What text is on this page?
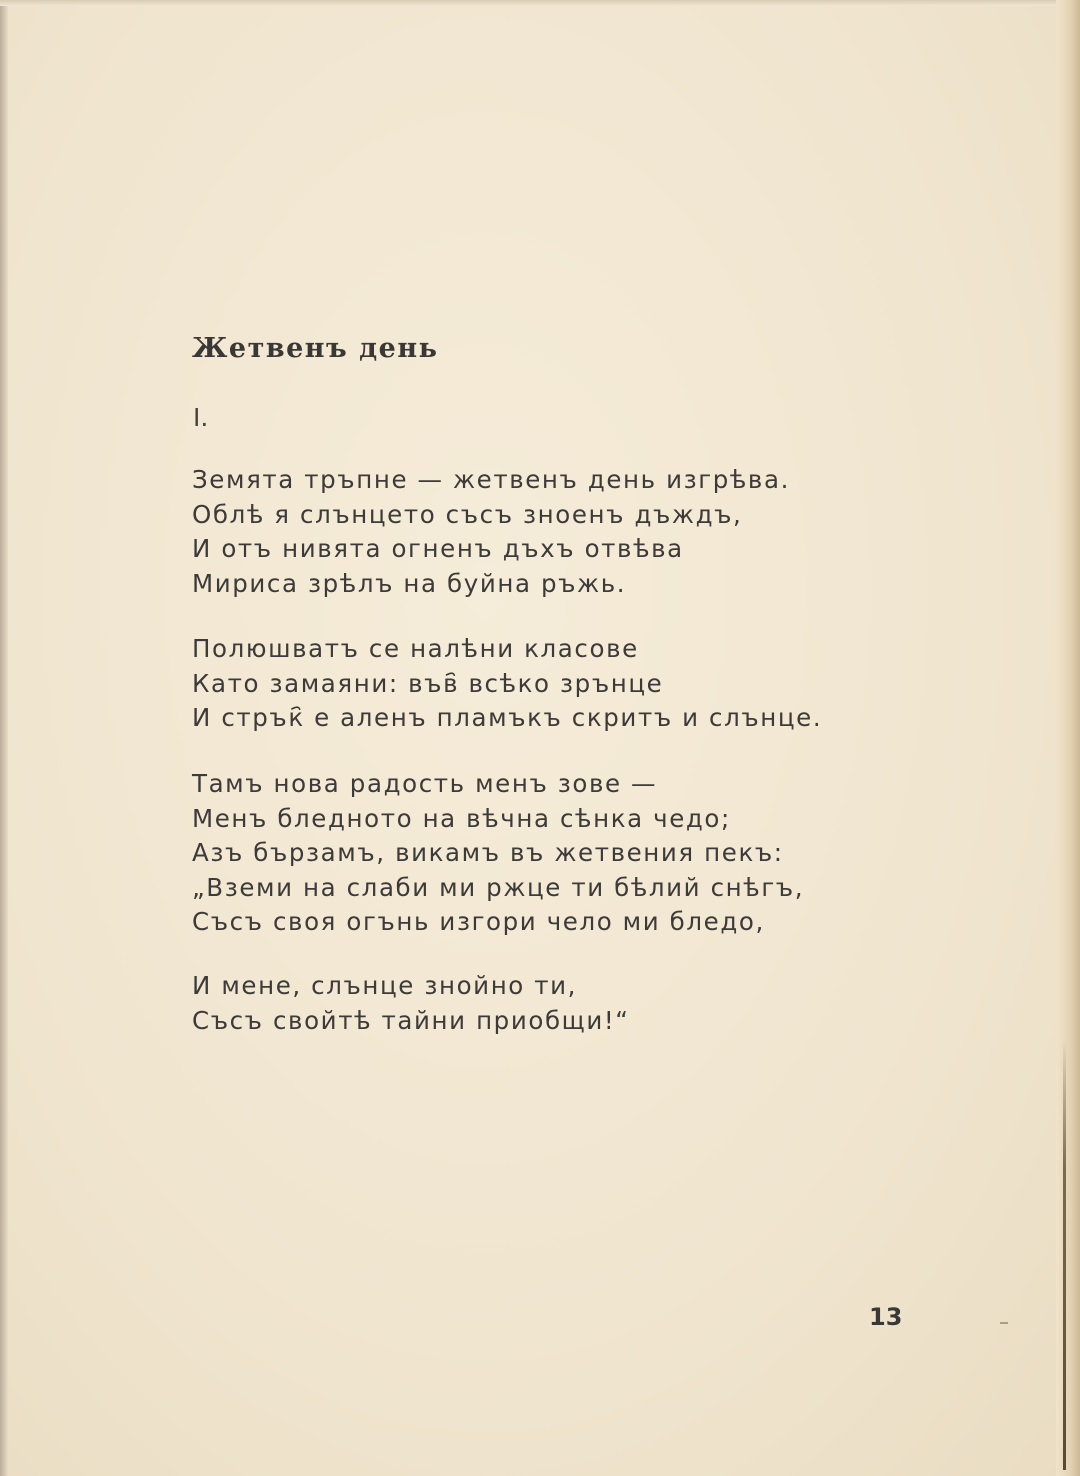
Жетвенъ день
I.
Земята тръпне — жетвенъ день изгрѣва.
Облѣ я слънцето съсъ зноенъ дъждъ,
И отъ нивята огненъ дъхъ отвѣва
Мириса зрѣлъ на буйна ръжь.
Полюшватъ се налѣни класове
Като замаяни: във҄ всѣко зрънце
И стрък҄ е аленъ пламъкъ скритъ и слънце.
Тамъ нова радость менъ зове —
Менъ бледното на вѣчна сѣнка чедо;
Азъ бързамъ, викамъ въ жетвения пекъ:
„Вземи на слаби ми ржце ти бѣлий снѣгъ,
Съсъ своя огънь изгори чело ми бледо,
И мене, слънце знойно ти,
Съсъ свойтѣ тайни приобщи!“
13
